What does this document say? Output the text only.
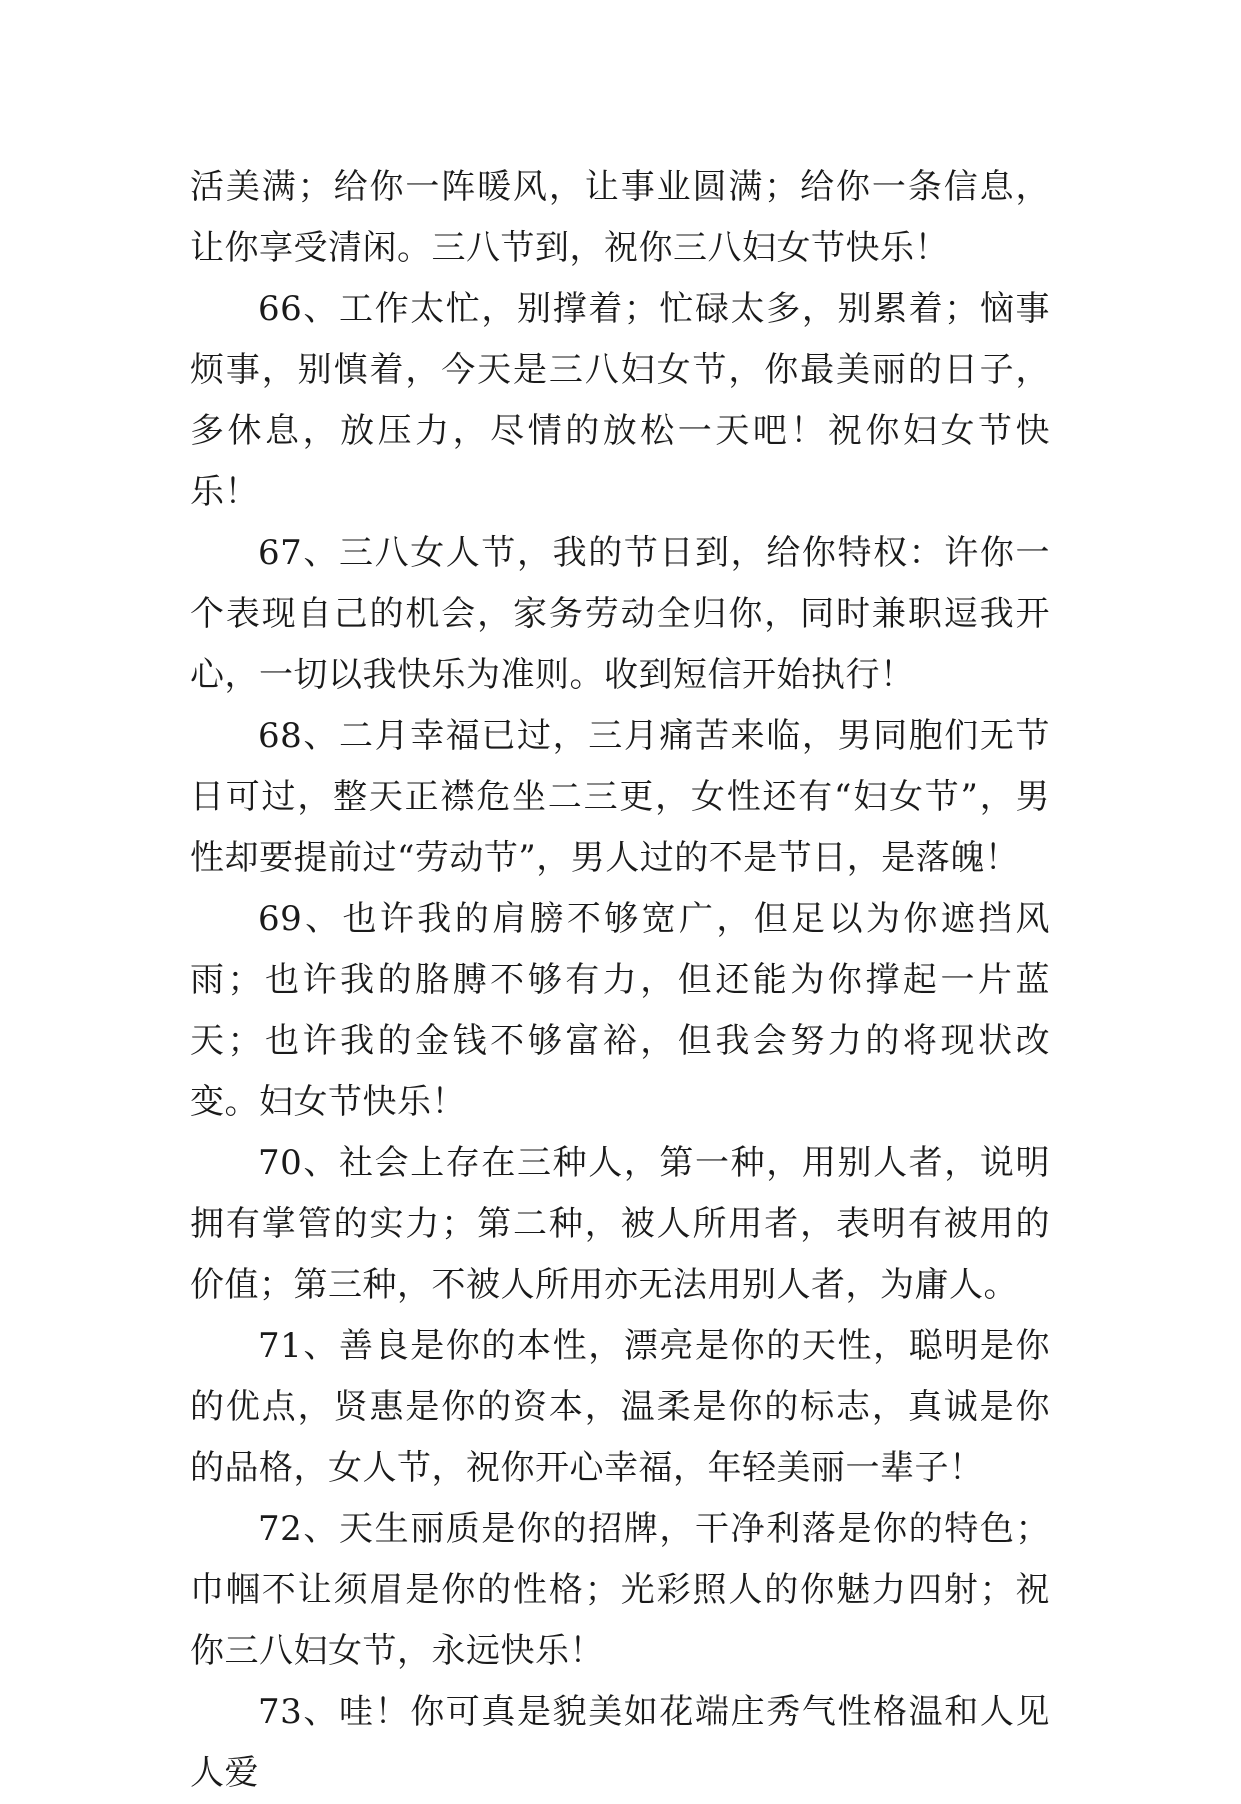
活美满；给你一阵暖风，让事业圆满；给你一条信息，让你享受清闲。三八节到，祝你三八妇女节快乐！

66、工作太忙，别撑着；忙碌太多，别累着；恼事烦事，别慎着，今天是三八妇女节，你最美丽的日子，多休息，放压力，尽情的放松一天吧！祝你妇女节快乐！

67、三八女人节，我的节日到，给你特权：许你一个表现自己的机会，家务劳动全归你，同时兼职逗我开心，一切以我快乐为准则。收到短信开始执行！

68、二月幸福已过，三月痛苦来临，男同胞们无节日可过，整天正襟危坐二三更，女性还有“妇女节”，男性却要提前过“劳动节”，男人过的不是节日，是落魄！

69、也许我的肩膀不够宽广，但足以为你遮挡风雨；也许我的胳膊不够有力，但还能为你撑起一片蓝天；也许我的金钱不够富裕，但我会努力的将现状改变。妇女节快乐！

70、社会上存在三种人，第一种，用别人者，说明拥有掌管的实力；第二种，被人所用者，表明有被用的价值；第三种，不被人所用亦无法用别人者，为庸人。

71、善良是你的本性，漂亮是你的天性，聪明是你的优点，贤惠是你的资本，温柔是你的标志，真诚是你的品格，女人节，祝你开心幸福，年轻美丽一辈子！

72、天生丽质是你的招牌，干净利落是你的特色；巾帼不让须眉是你的性格；光彩照人的你魅力四射；祝你三八妇女节，永远快乐！

73、哇！你可真是貌美如花端庄秀气性格温和人见人爱
